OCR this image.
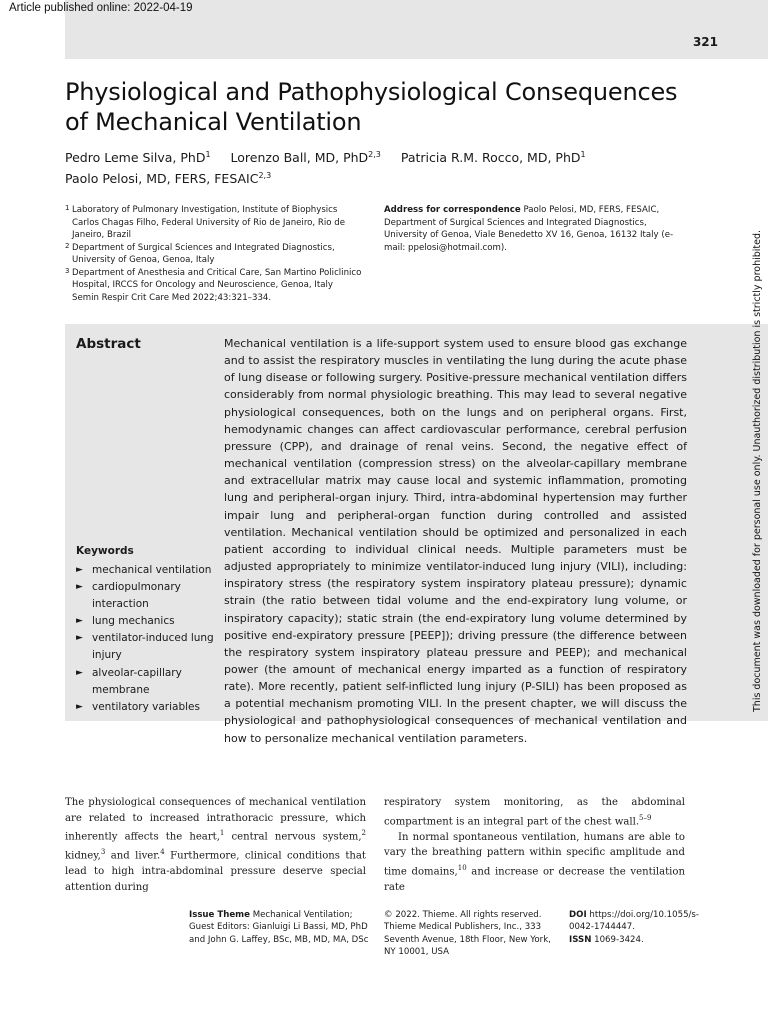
321
Article published online: 2022-04-19
Physiological and Pathophysiological Consequences of Mechanical Ventilation
Pedro Leme Silva, PhD$^1$ Lorenzo Ball, MD, PhD$^{2,3}$ Patricia R.M. Rocco, MD, PhD$^1$
Paolo Pelosi, MD, FERS, FESAIC$^{2,3}$
1 Laboratory of Pulmonary Investigation, Institute of Biophysics Carlos Chagas Filho, Federal University of Rio de Janeiro, Rio de Janeiro, Brazil
2 Department of Surgical Sciences and Integrated Diagnostics, University of Genoa, Genoa, Italy
3 Department of Anesthesia and Critical Care, San Martino Policlinico Hospital, IRCCS for Oncology and Neuroscience, Genoa, Italy
Address for correspondence Paolo Pelosi, MD, FERS, FESAIC, Department of Surgical Sciences and Integrated Diagnostics, University of Genoa, Viale Benedetto XV 16, Genoa, 16132 Italy (e-mail: ppelosi@hotmail.com).
Semin Respir Crit Care Med 2022;43:321–334.
Abstract
Keywords
► mechanical ventilation
► cardiopulmonary interaction
► lung mechanics
► ventilator-induced lung injury
► alveolar-capillary membrane
► ventilatory variables

Mechanical ventilation is a life-support system used to ensure blood gas exchange and to assist the respiratory muscles in ventilating the lung during the acute phase of lung disease or following surgery. Positive-pressure mechanical ventilation differs considerably from normal physiologic breathing. This may lead to several negative physiological consequences, both on the lungs and on peripheral organs. First, hemodynamic changes can affect cardiovascular performance, cerebral perfusion pressure (CPP), and drainage of renal veins. Second, the negative effect of mechanical ventilation (compression stress) on the alveolar-capillary membrane and extracellular matrix may cause local and systemic inflammation, promoting lung and peripheral-organ injury. Third, intra-abdominal hypertension may further impair lung and peripheral-organ function during controlled and assisted ventilation. Mechanical ventilation should be optimized and personalized in each patient according to individual clinical needs. Multiple parameters must be adjusted appropriately to minimize ventilator-induced lung injury (VILI), including: inspiratory stress (the respiratory system inspiratory plateau pressure); dynamic strain (the ratio between tidal volume and the end-expiratory lung volume, or inspiratory capacity); static strain (the end-expiratory lung volume determined by positive end-expiratory pressure [PEEP]); driving pressure (the difference between the respiratory system inspiratory plateau pressure and PEEP); and mechanical power (the amount of mechanical energy imparted as a function of respiratory rate). More recently, patient self-inflicted lung injury (P-SILI) has been proposed as a potential mechanism promoting VILI. In the present chapter, we will discuss the physiological and pathophysiological consequences of mechanical ventilation and how to personalize mechanical ventilation parameters.

The physiological consequences of mechanical ventilation are related to increased intrathoracic pressure, which inherently affects the heart,$^1$ central nervous system,$^2$ kidney,$^3$ and liver.$^4$ Furthermore, clinical conditions that lead to high intra-abdominal pressure deserve special attention during

respiratory system monitoring, as the abdominal compartment is an integral part of the chest wall.$^{5-9}$

In normal spontaneous ventilation, humans are able to vary the breathing pattern within specific amplitude and time domains,$^{10}$ and increase or decrease the ventilation rate

Issue Theme Mechanical Ventilation; Guest Editors: Gianluigi Li Bassi, MD, PhD and John G. Laffey, BSc, MB, MD, MA, DSc
© 2022. Thieme. All rights reserved. Thieme Medical Publishers, Inc., 333 Seventh Avenue, 18th Floor, New York, NY 10001, USA
DOI https://doi.org/10.1055/s-0042-1744447.
ISSN 1069-3424.
This document was downloaded for personal use only. Unauthorized distribution is strictly prohibited.
